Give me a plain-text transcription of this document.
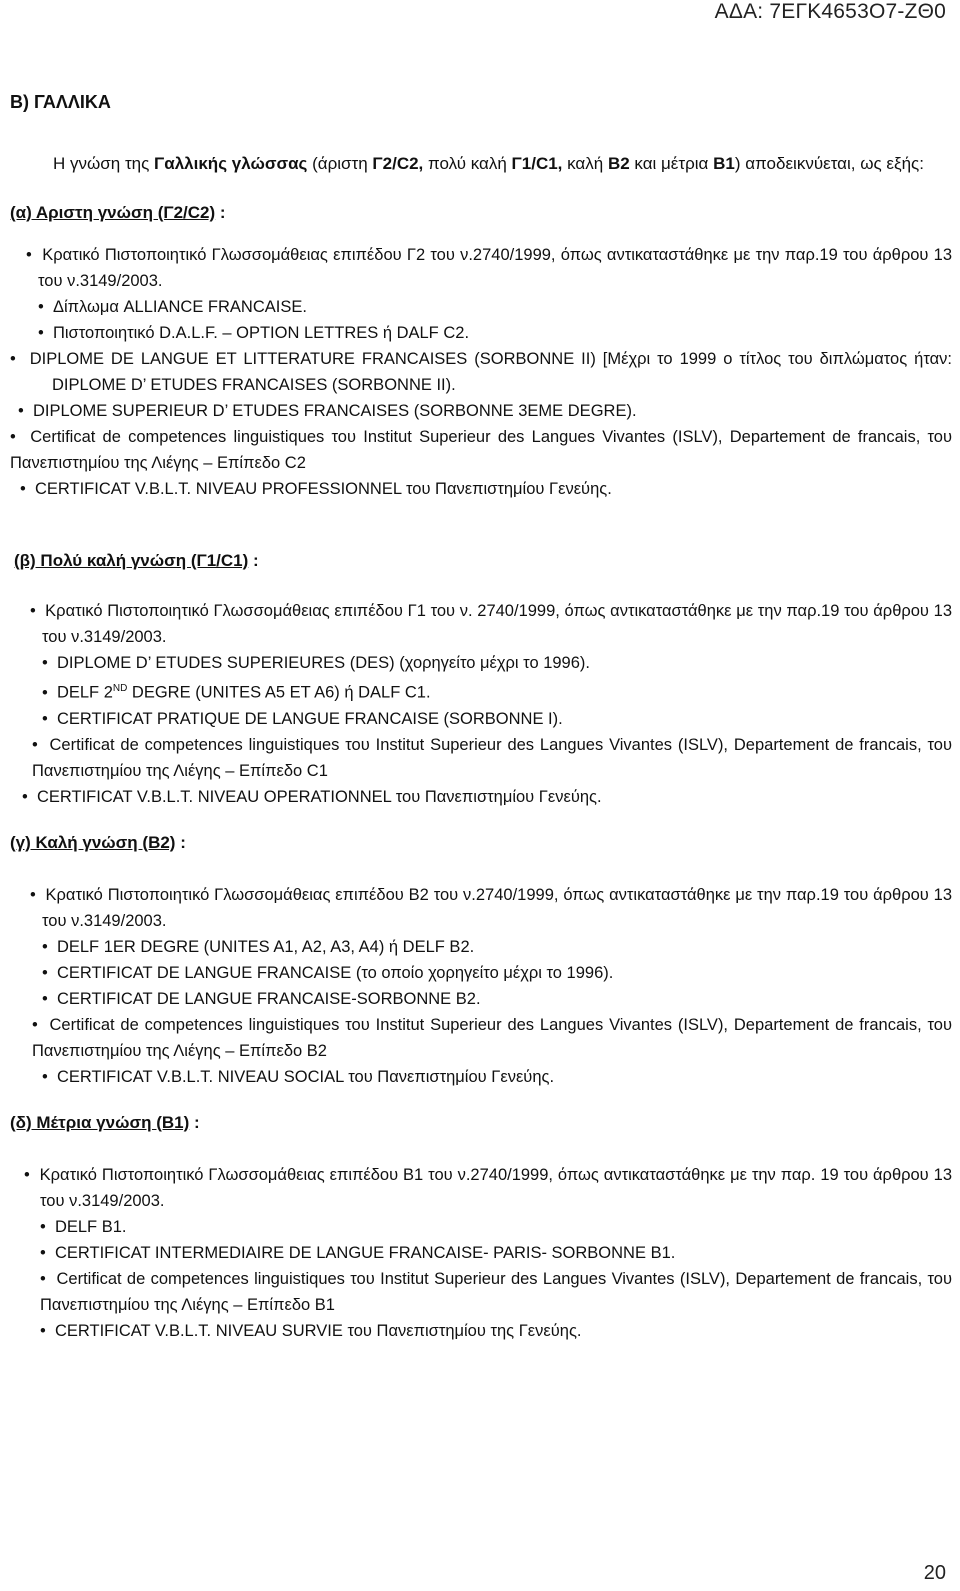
ΑΔΑ: 7ΕΓΚ4653Ο7-ΖΘ0

Β) ΓΑΛΛΙΚΑ

Η γνώση της Γαλλικής γλώσσας (άριστη Γ2/C2, πολύ καλή Γ1/C1, καλή Β2 και μέτρια Β1) αποδεικνύεται, ως εξής:

(α) Αριστη γνώση (Γ2/C2) :

•  Κρατικό Πιστοποιητικό Γλωσσομάθειας επιπέδου Γ2 του ν.2740/1999, όπως αντικαταστάθηκε με την παρ.19 του άρθρου 13 του ν.3149/2003.
•  Δίπλωμα ALLIANCE FRANCAISE.
•  Πιστοποιητικό D.A.L.F. – OPTION LETTRES ή DALF C2.
•  DIPLOME DE LANGUE ET LITTERATURE FRANCAISES (SORBONNE II) [Μέχρι το 1999 ο τίτλος του διπλώματος ήταν: DIPLOME D’ ETUDES FRANCAISES (SORBONNE II).
•  DIPLOME SUPERIEUR D’ ETUDES FRANCAISES (SORBONNE 3EME DEGRE).
•  Certificat de competences linguistiques του Institut Superieur des Langues Vivantes (ISLV), Departement de francais, του Πανεπιστημίου της Λιέγης – Επίπεδο C2
•  CERTIFICAT V.B.L.T. NIVEAU PROFESSIONNEL του Πανεπιστημίου Γενεύης.

(β) Πολύ καλή γνώση (Γ1/C1) :

•  Κρατικό Πιστοποιητικό Γλωσσομάθειας επιπέδου Γ1 του ν. 2740/1999, όπως αντικαταστάθηκε με την παρ.19 του άρθρου 13 του ν.3149/2003.
•  DIPLOME D’ ETUDES SUPERIEURES (DES) (χορηγείτο μέχρι το 1996).
•  DELF 2ND DEGRE (UNITES A5 ET A6) ή DALF C1.
•  CERTIFICAT PRATIQUE DE LANGUE FRANCAISE (SORBONNE I).
•  Certificat de competences linguistiques του Institut Superieur des Langues Vivantes (ISLV), Departement de francais, του Πανεπιστημίου της Λιέγης – Επίπεδο C1
•  CERTIFICAT V.B.L.T. NIVEAU OPERATIONNEL του Πανεπιστημίου Γενεύης.

(γ) Καλή γνώση (Β2) :

•  Κρατικό Πιστοποιητικό Γλωσσομάθειας επιπέδου Β2 του ν.2740/1999, όπως αντικαταστάθηκε με την παρ.19 του άρθρου 13 του ν.3149/2003.
•  DELF 1ER DEGRE (UNITES A1, A2, A3, A4) ή DELF B2.
•  CERTIFICAT DE LANGUE FRANCAISE (το οποίο χορηγείτο μέχρι το 1996).
•  CERTIFICAT DE LANGUE FRANCAISE-SORBONNE B2.
•  Certificat de competences linguistiques του Institut Superieur des Langues Vivantes (ISLV), Departement de francais, του Πανεπιστημίου της Λιέγης – Επίπεδο B2
•  CERTIFICAT V.B.L.T. NIVEAU SOCIAL του Πανεπιστημίου Γενεύης.

(δ) Μέτρια γνώση (Β1) :

•  Κρατικό Πιστοποιητικό Γλωσσομάθειας επιπέδου Β1 του ν.2740/1999, όπως αντικαταστάθηκε με την παρ. 19 του άρθρου 13 του ν.3149/2003.
•  DELF B1.
•  CERTIFICAT INTERMEDIAIRE DE LANGUE FRANCAISE- PARIS- SORBONNE B1.
•  Certificat de competences linguistiques του Institut Superieur des Langues Vivantes (ISLV), Departement de francais, του Πανεπιστημίου της Λιέγης – Επίπεδο B1
•  CERTIFICAT V.B.L.T. NIVEAU SURVIE του Πανεπιστημίου της Γενεύης.
20
